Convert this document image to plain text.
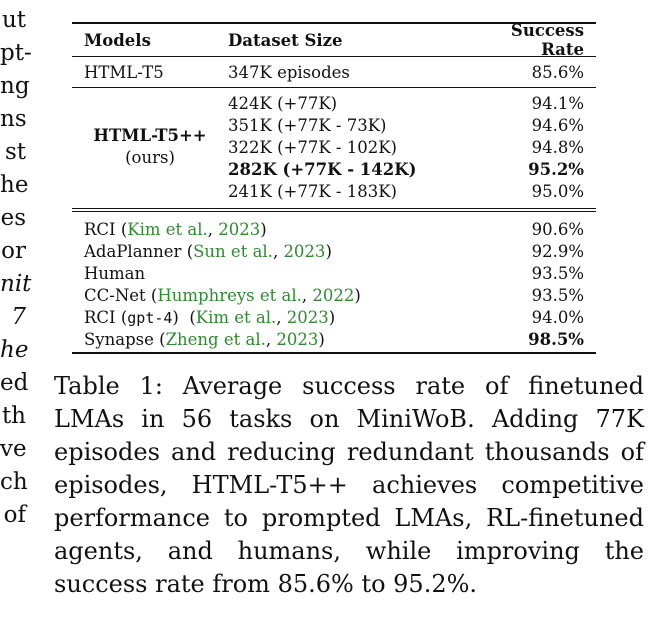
ut
pt-
ng
ns
st
he
es
or
nit
7
he
ed
th
ve
ch
of
Models	Dataset Size	Success Rate
HTML-T5	347K episodes	85.6%
HTML-T5++
(ours)
424K (+77K)	94.1%
351K (+77K - 73K)	94.6%
322K (+77K - 102K)	94.8%
282K (+77K - 142K)	95.2%
241K (+77K - 183K)	95.0%
RCI (Kim et al., 2023)	90.6%
AdaPlanner (Sun et al., 2023)	92.9%
Human	93.5%
CC-Net (Humphreys et al., 2022)	93.5%
RCI (gpt-4)  (Kim et al., 2023)	94.0%
Synapse (Zheng et al., 2023)	98.5%
Table 1: Average success rate of finetuned LMAs in 56 tasks on MiniWoB. Adding 77K episodes and reducing redundant thousands of episodes, HTML-T5++ achieves competitive performance to prompted LMAs, RL-finetuned agents, and humans, while improving the success rate from 85.6% to 95.2%.
